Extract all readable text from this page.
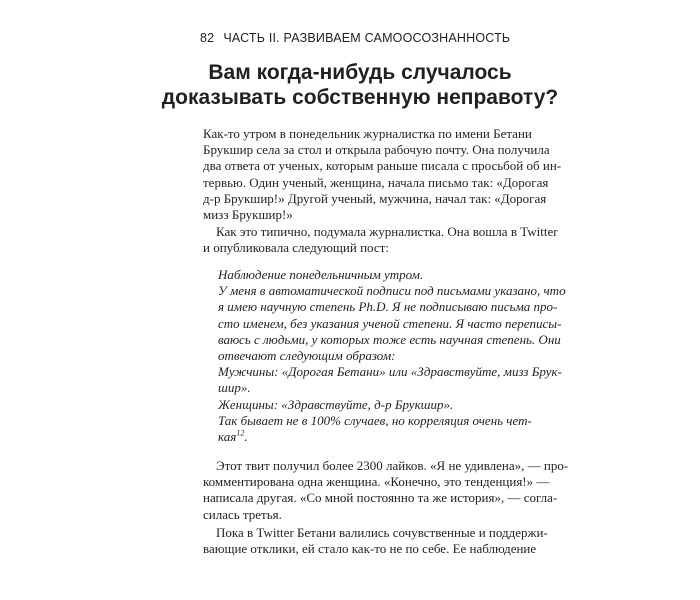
82 ЧАСТЬ II. РАЗВИВАЕМ САМООСОЗНАННОСТЬ
Вам когда-нибудь случалось
доказывать собственную неправоту?

Как-то утром в понедельник журналистка по имени Бетани
Брукшир села за стол и открыла рабочую почту. Она получила
два ответа от ученых, которым раньше писала с просьбой об ин-
тервью. Один ученый, женщина, начала письмо так: «Дорогая
д-р Брукшир!» Другой ученый, мужчина, начал так: «Дорогая
мизз Брукшир!»

Как это типично, подумала журналистка. Она вошла в Twitter
и опубликовала следующий пост:

Наблюдение понедельничным утром.
У меня в автоматической подписи под письмами указано, что
я имею научную степень Ph.D. Я не подписываю письма про-
сто именем, без указания ученой степени. Я часто переписы-
ваюсь с людьми, у которых тоже есть научная степень. Они
отвечают следующим образом:
Мужчины: «Дорогая Бетани» или «Здравствуйте, мизз Брук-
шир».
Женщины: «Здравствуйте, д-р Брукшир».
Так бывает не в 100% случаев, но корреляция очень чет-
кая$^{12}$.

Этот твит получил более 2300 лайков. «Я не удивлена», — про-
комментирована одна женщина. «Конечно, это тенденция!» —
написала другая. «Со мной постоянно та же история», — согла-
силась третья.

Пока в Twitter Бетани валились сочувственные и поддержи-
вающие отклики, ей стало как-то не по себе. Ее наблюдение
